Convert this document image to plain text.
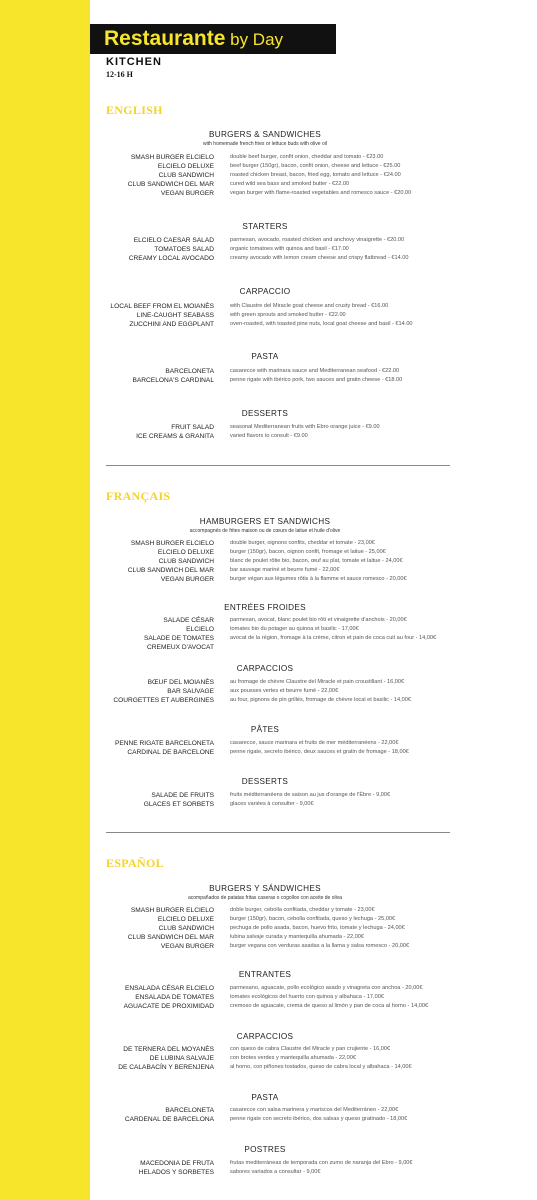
Restaurante by Day
KITCHEN
12-16 H
ENGLISH
BURGERS & SANDWICHES
with homemade french fries or lettuce buds with olive oil
SMASH BURGER ELCIELO	double beef burger, confit onion, cheddar and tomato - €23.00
ELCIELO DELUXE	beef burger (150gr), bacon, confit onion, cheese and lettuce - €25.00
CLUB SANDWICH	roasted chicken breast, bacon, fried egg, tomato and lettuce - €24.00
CLUB SANDWICH DEL MAR	cured wild sea bass and smoked butter - €22.00
VEGAN BURGER	vegan burger with flame-roasted vegetables and romesco sauce - €20.00
STARTERS
ELCIELO CAESAR SALAD	parmesan, avocado, roasted chicken and anchovy vinaigrette - €20.00
TOMATOES SALAD	organic tomatoes with quinoa and basil - €17.00
CREAMY LOCAL AVOCADO	creamy avocado with lemon cream cheese and crispy flatbread - €14.00
CARPACCIO
LOCAL BEEF FROM EL MOIANÈS	with Claustre del Miracle goat cheese and crusty bread - €16.00
LINE-CAUGHT SEABASS	with green sprouts and smoked butter - €22.00
ZUCCHINI AND EGGPLANT	oven-roasted, with toasted pine nuts, local goat cheese and basil - €14.00
PASTA
BARCELONETA	casarecce with marinara sauce and Mediterranean seafood - €22.00
BARCELONA'S CARDINAL	penne rigate with ibérico pork, two sauces and gratin cheese - €18.00
DESSERTS
FRUIT SALAD	seasonal Mediterranean fruits with Ebro orange juice - €9.00
ICE CREAMS & GRANITA	varied flavors to consult - €9.00
FRANÇAIS
HAMBURGERS ET SANDWICHS
accompagnés de frites maison ou de cœurs de laitue et huile d'olive
SMASH BURGER ELCIELO	double burger, oignons confits, cheddar et tomate - 23,00€
ELCIELO DELUXE	burger (150gr), bacon, oignon confit, fromage et laitue - 25,00€
CLUB SANDWICH	blanc de poulet rôtie bio, bacon, œuf au plat, tomate et laitue - 24,00€
CLUB SANDWICH DEL MAR	bar sauvage mariné et beurre fumé - 22,00€
VEGAN BURGER	burger végan aux légumes rôtis à la flamme et sauce romesco - 20,00€
ENTRÉES FROIDES
SALADE CÉSAR	parmesan, avocat, blanc poulet bio rôti et vinaigrette d'anchois - 20,00€
ELCIELO	tomates bio du potager au quinoa et basilic - 17,00€
SALADE DE TOMATES	avocat de la région, fromage à la crème, citron et pain de coca cuit au four - 14,00€
CREMEUX D'AVOCAT
CARPACCIOS
BŒUF DEL MOIANÈS	au fromage de chèvre Claustre del Miracle et pain croustillant - 16,00€
BAR SAUVAGE	aux pousses vertes et beurre fumé - 22,00€
COURGETTES ET AUBERGINES	au four, pignons de pin grillés, fromage de chèvre local et basilic - 14,00€
PÂTES
PENNE RIGATE BARCELONETA	casarecce, sauce marinara et fruits de mer méditerranéens - 22,00€
CARDINAL DE BARCELONE	penne rigate, secreto ibérico, deux sauces et gratin de fromage - 18,00€
DESSERTS
SALADE DE FRUITS	fruits méditerranéens de saison au jus d'orange de l'Èbre - 9,00€
GLACES ET SORBETS	glaces variées à consulter - 9,00€
ESPAÑOL
BURGERS Y SÁNDWICHES
acompañados de patatas fritas caseras o cogollos con aceite de oliva
SMASH BURGER ELCIELO	doble burger, cebolla confitada, cheddar y tomate - 23,00€
ELCIELO DELUXE	burger (150gr), bacon, cebolla confitada, queso y lechuga - 25,00€
CLUB SANDWICH	pechuga de pollo asada, bacon, huevo frito, tomate y lechuga - 24,00€
CLUB SANDWICH DEL MAR	lubina salvaje curada y mantequilla ahumada - 22,00€
VEGAN BURGER	burger vegana con verduras asadas a la llama y salsa romesco - 20,00€
ENTRANTES
ENSALADA CÉSAR ELCIELO	parmesano, aguacate, pollo ecológico asado y vinagreta con anchoa - 20,00€
ENSALADA DE TOMATES	tomates ecológicos del huerto con quinoa y albahaca - 17,00€
AGUACATE DE PROXIMIDAD	cremoso de aguacate, crema de queso al limón y pan de coca al horno - 14,00€
CARPACCIOS
DE TERNERA DEL MOYANÈS	con queso de cabra Claustre del Miracle y pan crujiente - 16,00€
DE LUBINA SALVAJE	con brotes verdes y mantequilla ahumada - 22,00€
DE CALABACÍN Y BERENJENA	al horno, con piñones tostados, queso de cabra local y albahaca - 14,00€
PASTA
BARCELONETA	casarecce con salsa marinera y mariscos del Mediterráneo - 22,00€
CARDENAL DE BARCELONA	penne rigate con secreto ibérico, dos salsas y queso gratinado - 18,00€
POSTRES
MACEDONIA DE FRUTA	frutas mediterráneas de temporada con zumo de naranja del Ebro - 9,00€
HELADOS Y SORBETES	sabores variados a consultar - 9,00€
